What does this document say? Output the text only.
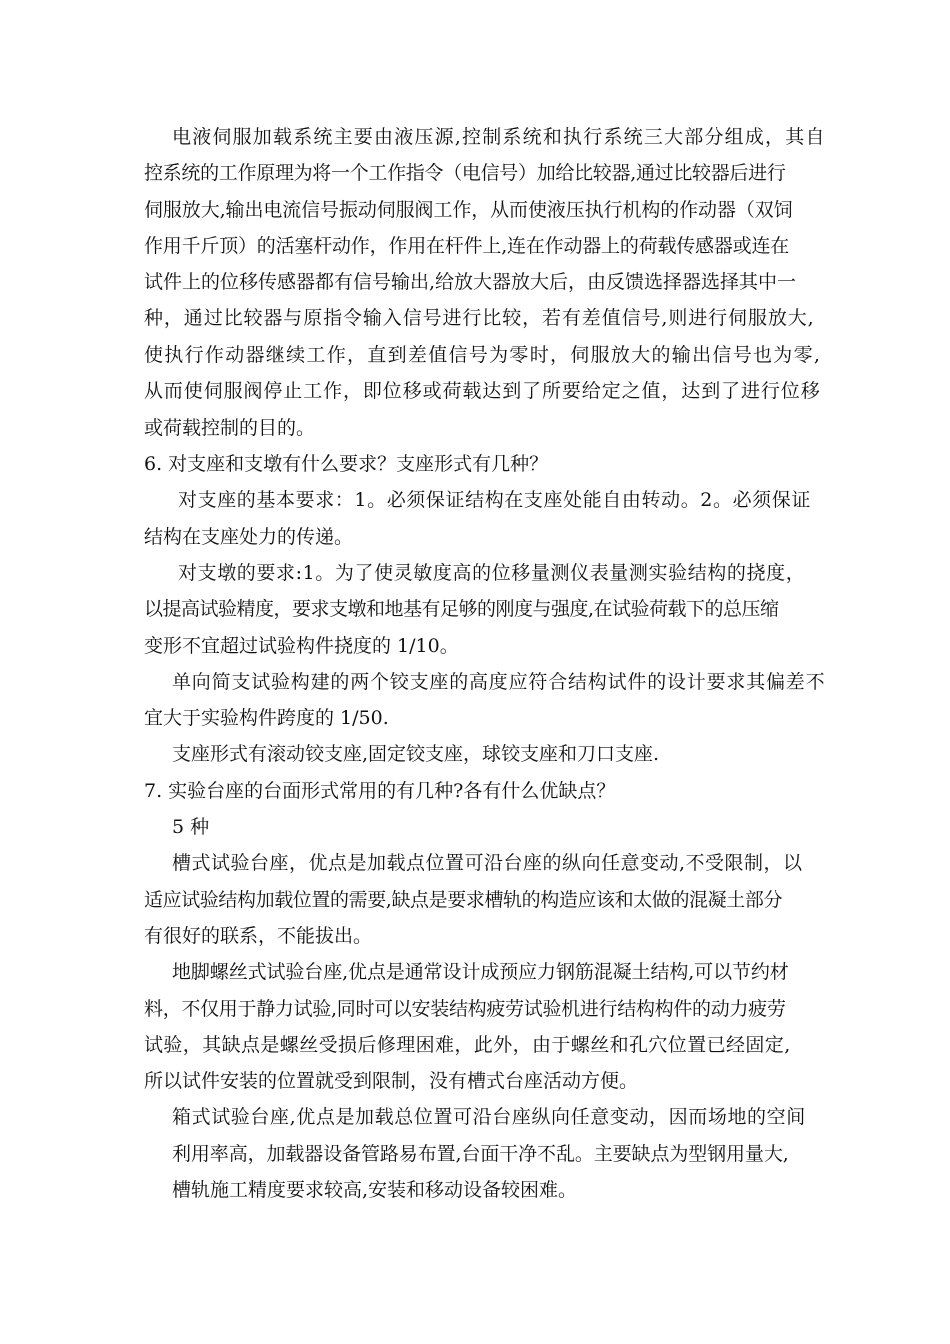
电液伺服加载系统主要由液压源,控制系统和执行系统三大部分组成，其自
控系统的工作原理为将一个工作指令（电信号）加给比较器,通过比较器后进行
伺服放大,输出电流信号振动伺服阀工作，从而使液压执行机构的作动器（双饲
作用千斤顶）的活塞杆动作，作用在杆件上,连在作动器上的荷载传感器或连在
试件上的位移传感器都有信号输出,给放大器放大后，由反馈选择器选择其中一
种，通过比较器与原指令输入信号进行比较，若有差值信号,则进行伺服放大,
使执行作动器继续工作，直到差值信号为零时，伺服放大的输出信号也为零,
从而使伺服阀停止工作，即位移或荷载达到了所要给定之值，达到了进行位移
或荷载控制的目的。
6. 对支座和支墩有什么要求？支座形式有几种？
对支座的基本要求：1。必须保证结构在支座处能自由转动。2。必须保证
结构在支座处力的传递。
对支墩的要求:1。为了使灵敏度高的位移量测仪表量测实验结构的挠度，
以提高试验精度，要求支墩和地基有足够的刚度与强度,在试验荷载下的总压缩
变形不宜超过试验构件挠度的 1/10。
单向简支试验构建的两个铰支座的高度应符合结构试件的设计要求其偏差不
宜大于实验构件跨度的 1/50.
支座形式有滚动铰支座,固定铰支座，球铰支座和刀口支座.
7. 实验台座的台面形式常用的有几种?各有什么优缺点？
5 种
槽式试验台座，优点是加载点位置可沿台座的纵向任意变动,不受限制，以
适应试验结构加载位置的需要,缺点是要求槽轨的构造应该和太做的混凝土部分
有很好的联系，不能拔出。
地脚螺丝式试验台座,优点是通常设计成预应力钢筋混凝土结构,可以节约材
料，不仅用于静力试验,同时可以安装结构疲劳试验机进行结构构件的动力疲劳
试验，其缺点是螺丝受损后修理困难，此外，由于螺丝和孔穴位置已经固定,
所以试件安装的位置就受到限制，没有槽式台座活动方便。
箱式试验台座,优点是加载总位置可沿台座纵向任意变动，因而场地的空间
利用率高，加载器设备管路易布置,台面干净不乱。主要缺点为型钢用量大,
槽轨施工精度要求较高,安装和移动设备较困难。
